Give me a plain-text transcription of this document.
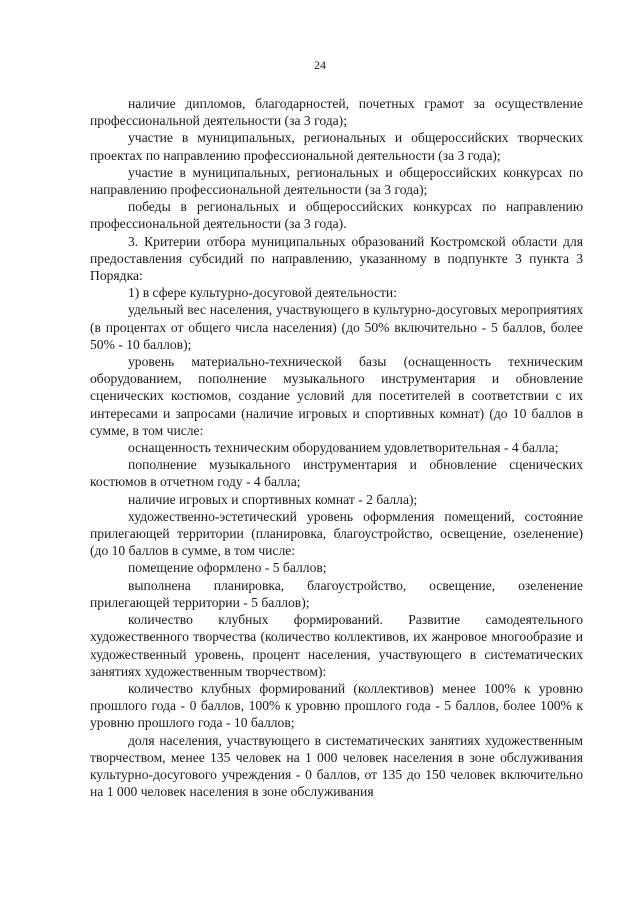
24

наличие дипломов, благодарностей, почетных грамот за осуществление профессиональной деятельности (за 3 года);

участие в муниципальных, региональных и общероссийских творческих проектах по направлению профессиональной деятельности (за 3 года);

участие в муниципальных, региональных и общероссийских конкурсах по направлению профессиональной деятельности (за 3 года);

победы в региональных и общероссийских конкурсах по направлению профессиональной деятельности (за 3 года).

3. Критерии отбора муниципальных образований Костромской области для предоставления субсидий по направлению, указанному в подпункте 3 пункта 3 Порядка:

1) в сфере культурно-досуговой деятельности:

удельный вес населения, участвующего в культурно-досуговых мероприятиях (в процентах от общего числа населения) (до 50% включительно - 5 баллов, более 50% - 10 баллов);

уровень материально-технической базы (оснащенность техническим оборудованием, пополнение музыкального инструментария и обновление сценических костюмов, создание условий для посетителей в соответствии с их интересами и запросами (наличие игровых и спортивных комнат) (до 10 баллов в сумме, в том числе:

оснащенность техническим оборудованием удовлетворительная - 4 балла;

пополнение музыкального инструментария и обновление сценических костюмов в отчетном году - 4 балла;

наличие игровых и спортивных комнат - 2 балла);

художественно-эстетический уровень оформления помещений, состояние прилегающей территории (планировка, благоустройство, освещение, озеленение) (до 10 баллов в сумме, в том числе:

помещение оформлено - 5 баллов;

выполнена планировка, благоустройство, освещение, озеленение прилегающей территории - 5 баллов);

количество клубных формирований. Развитие самодеятельного художественного творчества (количество коллективов, их жанровое многообразие и художественный уровень, процент населения, участвующего в систематических занятиях художественным творчеством):

количество клубных формирований (коллективов) менее 100% к уровню прошлого года - 0 баллов, 100% к уровню прошлого года - 5 баллов, более 100% к уровню прошлого года - 10 баллов;

доля населения, участвующего в систематических занятиях художественным творчеством, менее 135 человек на 1 000 человек населения в зоне обслуживания культурно-досугового учреждения - 0 баллов, от 135 до 150 человек включительно на 1 000 человек населения в зоне обслуживания
